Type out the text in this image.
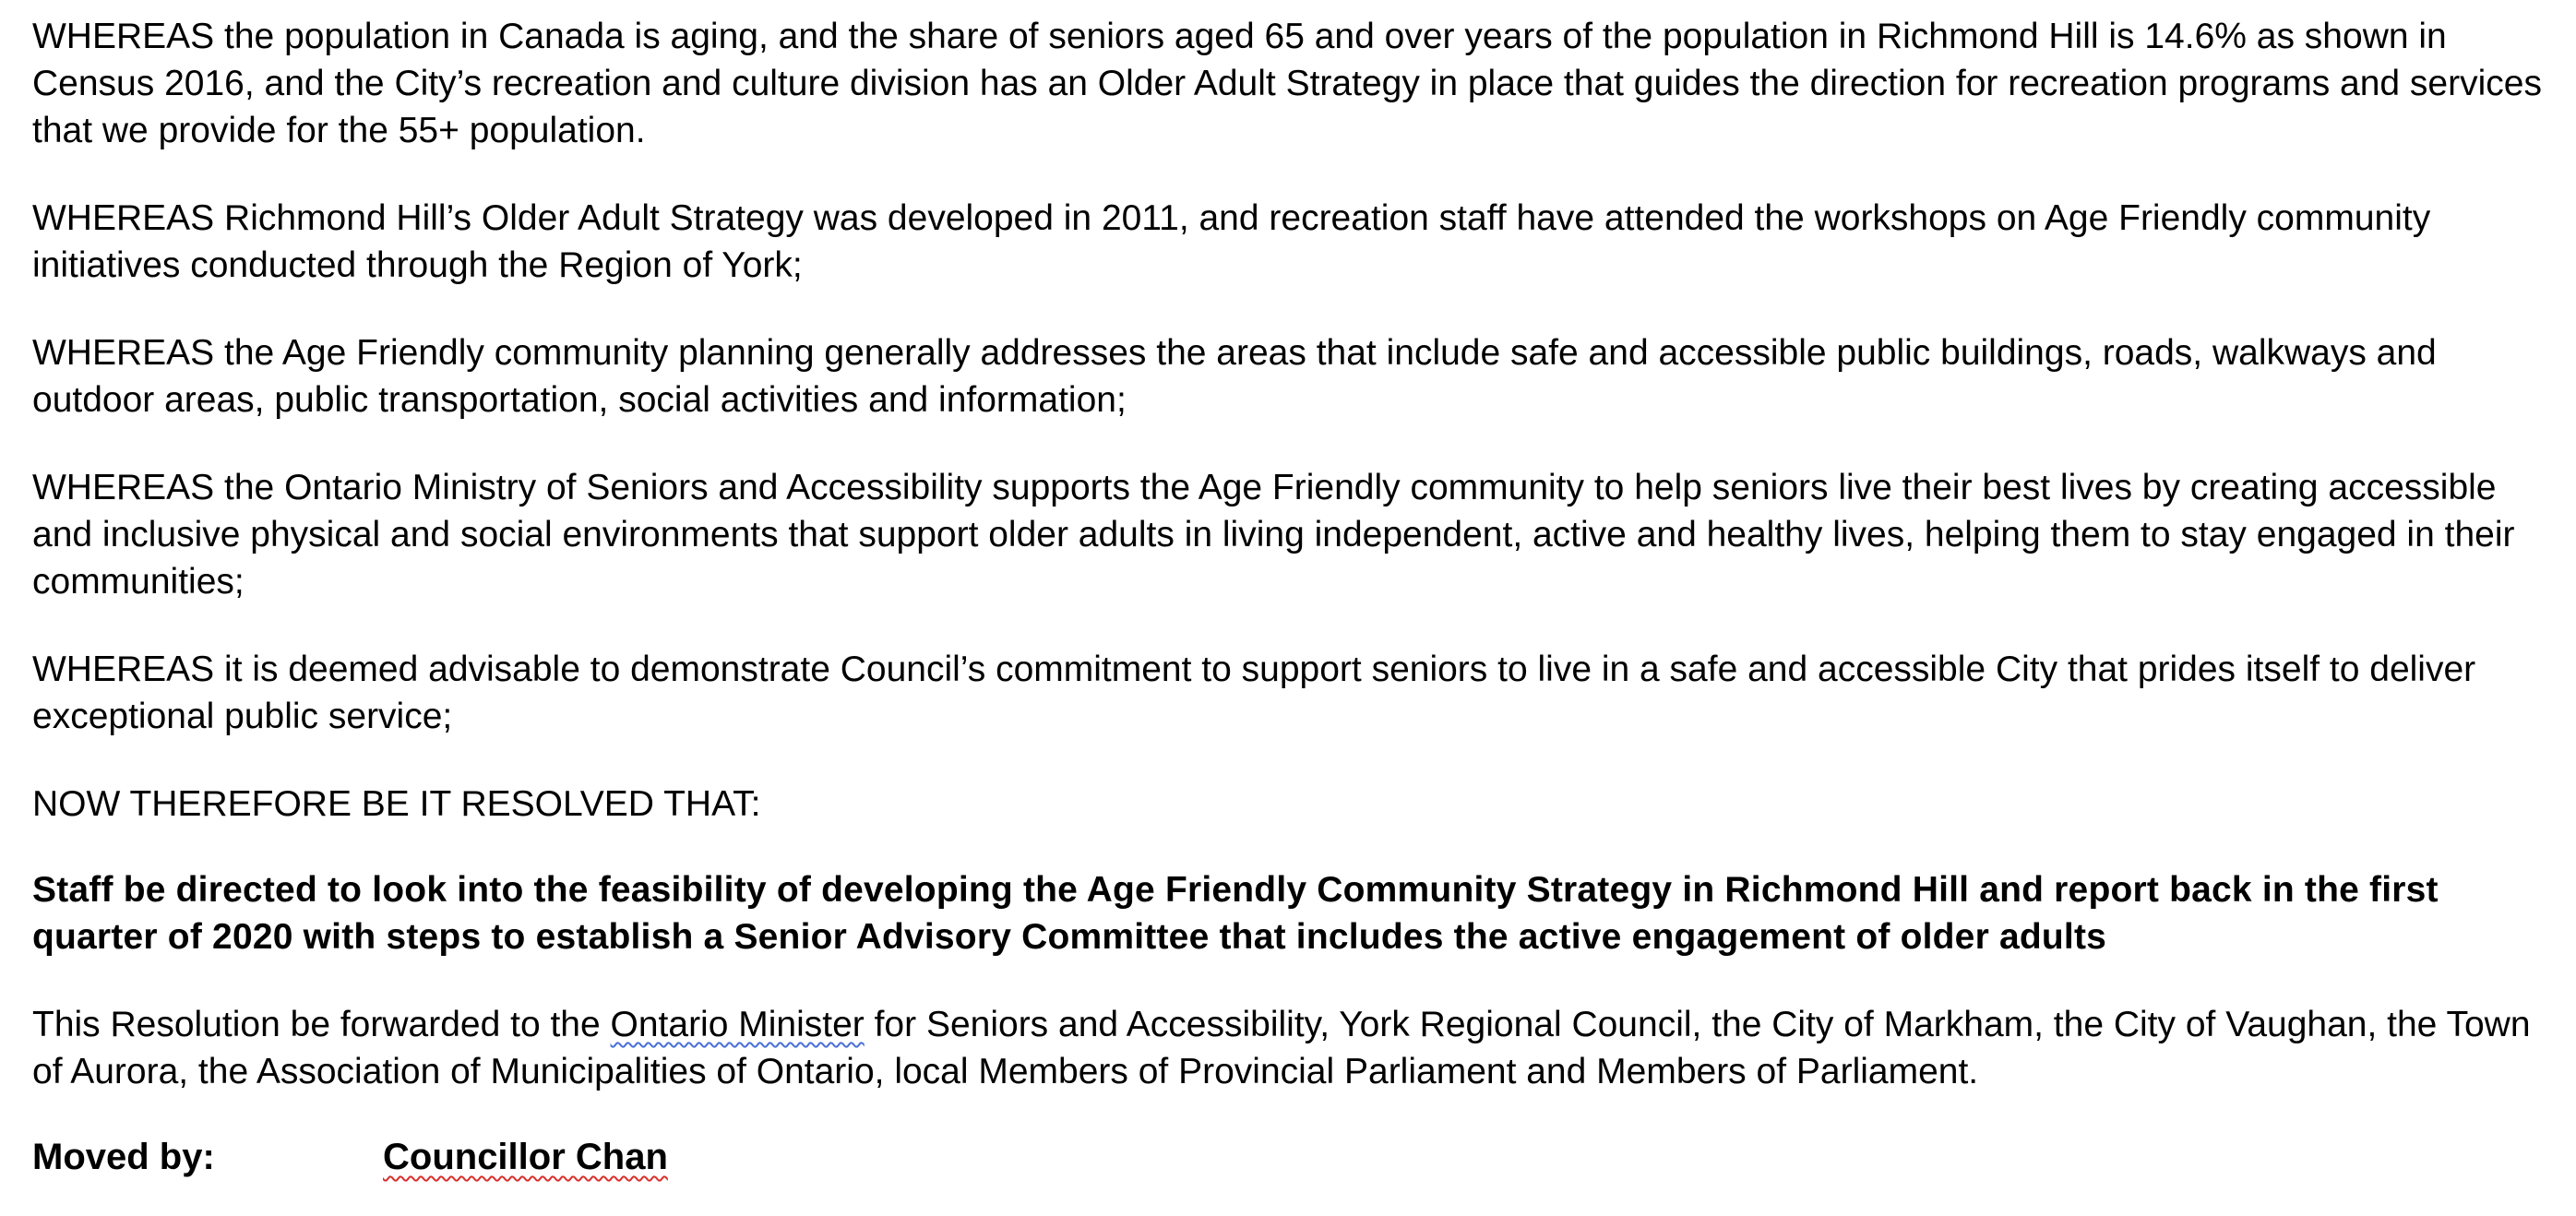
WHEREAS the population in Canada is aging, and the share of seniors aged 65 and over years of the population in Richmond Hill is 14.6% as shown in Census 2016, and the City’s recreation and culture division has an Older Adult Strategy in place that guides the direction for recreation programs and services that we provide for the 55+ population.

WHEREAS Richmond Hill’s Older Adult Strategy was developed in 2011, and recreation staff have attended the workshops on Age Friendly community initiatives conducted through the Region of York;

WHEREAS the Age Friendly community planning generally addresses the areas that include safe and accessible public buildings, roads, walkways and outdoor areas, public transportation, social activities and information;

WHEREAS the Ontario Ministry of Seniors and Accessibility supports the Age Friendly community to help seniors live their best lives by creating accessible and inclusive physical and social environments that support older adults in living independent, active and healthy lives, helping them to stay engaged in their communities;

WHEREAS it is deemed advisable to demonstrate Council’s commitment to support seniors to live in a safe and accessible City that prides itself to deliver exceptional public service;

NOW THEREFORE BE IT RESOLVED THAT:

Staff be directed to look into the feasibility of developing the Age Friendly Community Strategy in Richmond Hill and report back in the first quarter of 2020 with steps to establish a Senior Advisory Committee that includes the active engagement of older adults

This Resolution be forwarded to the Ontario Minister for Seniors and Accessibility, York Regional Council, the City of Markham, the City of Vaughan, the Town of Aurora, the Association of Municipalities of Ontario, local Members of Provincial Parliament and Members of Parliament.

Moved by:	Councillor Chan
